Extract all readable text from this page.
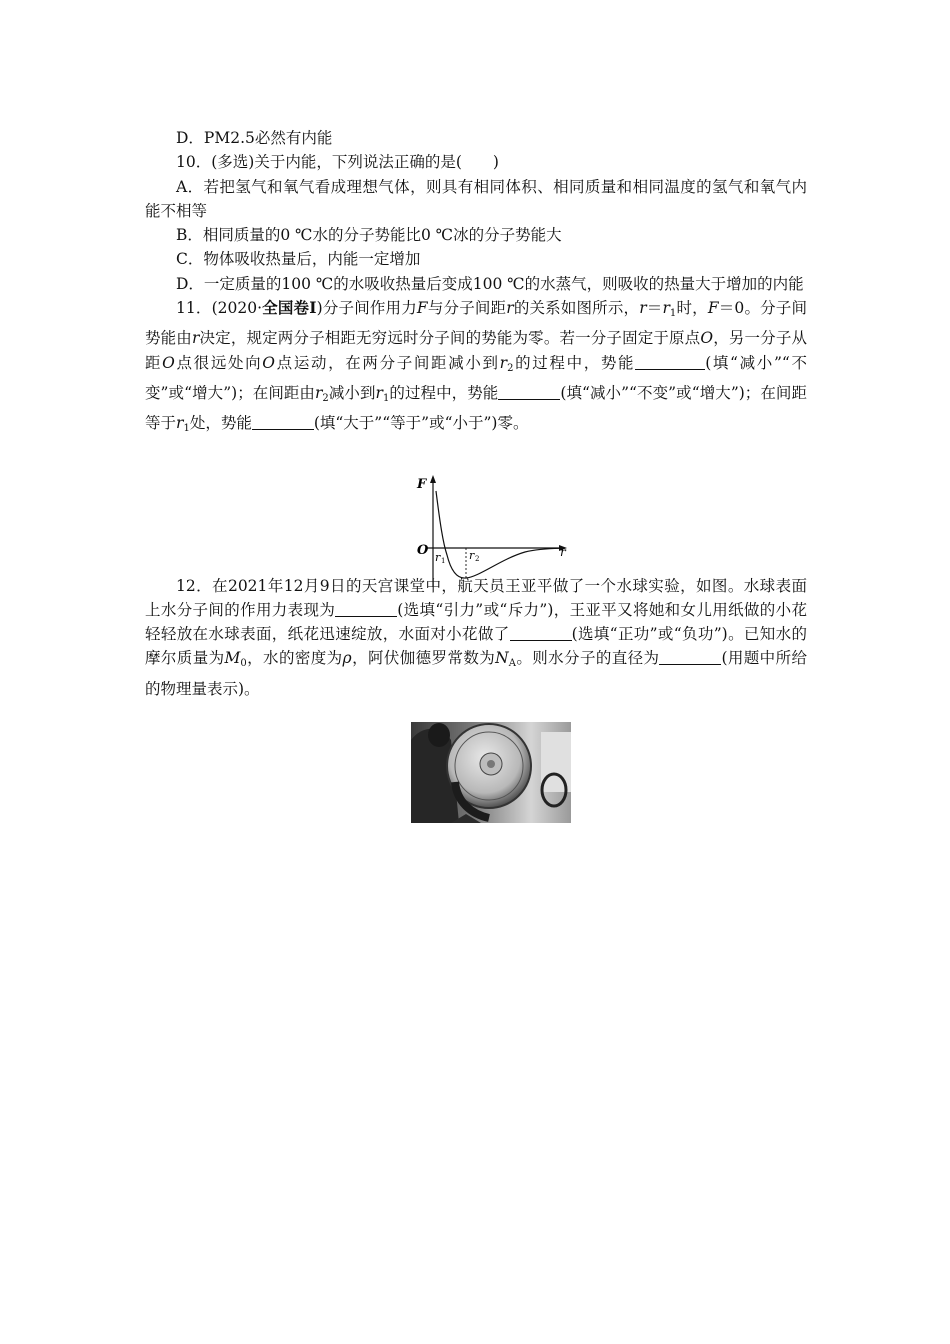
D．PM2.5必然有内能

10．(多选)关于内能，下列说法正确的是(　　)

A．若把氢气和氧气看成理想气体，则具有相同体积、相同质量和相同温度的氢气和氧气内能不相等

B．相同质量的0 ℃水的分子势能比0 ℃冰的分子势能大

C．物体吸收热量后，内能一定增加

D．一定质量的100 ℃的水吸收热量后变成100 ℃的水蒸气，则吸收的热量大于增加的内能

11．(2020·全国卷Ⅰ)分子间作用力F与分子间距r的关系如图所示，$r=r_1$时，F＝0。分子间势能由r决定，规定两分子相距无穷远时分子间的势能为零。若一分子固定于原点O，另一分子从距O点很远处向O点运动，在两分子间距减小到$r_2$的过程中，势能	(填“减小”“不变”或“增大”)；在间距由$r_2$减小到$r_1$的过程中，势能	(填“减小”“不变”或“增大”)；在间距等于$r_1$处，势能	(填“大于”“等于”或“小于”)零。

12．在2021年12月9日的天宫课堂中，航天员王亚平做了一个水球实验，如图。水球表面上水分子间的作用力表现为	(选填“引力”或“斥力”)，王亚平又将她和女儿用纸做的小花轻轻放在水球表面，纸花迅速绽放，水面对小花做了	(选填“正功”或“负功”)。已知水的摩尔质量为$M_0$，水的密度为ρ，阿伏伽德罗常数为$N_A$。则水分子的直径为	(用题中所给的物理量表示)。

F
O	r
r 1 r 2
